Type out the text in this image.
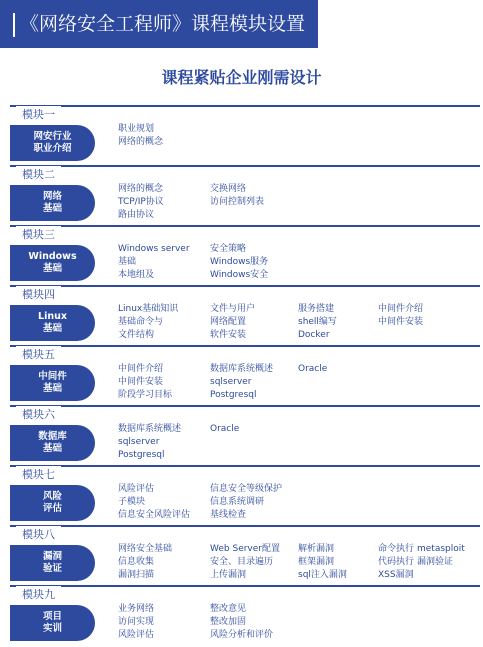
《网络安全工程师》课程模块设置
课程紧贴企业刚需设计
模块一
网安行业
职业介绍
职业规划
网络的概念
模块二
网络
基础
网络的概念
TCP/IP协议
路由协议
交换网络
访问控制列表
模块三
Windows
基础
Windows server
基础
本地组及
安全策略
Windows服务
Windows安全
模块四
Linux
基础
Linux基础知识
基础命令与
文件结构
文件与用户
网络配置
软件安装
服务搭建
shell编写
Docker
中间件介绍
中间件安装
模块五
中间件
基础
中间件介绍
中间件安装
阶段学习目标
数据库系统概述
sqlserver
Postgresql
Oracle
模块六
数据库
基础
数据库系统概述
sqlserver
Postgresql
Oracle
模块七
风险
评估
风险评估
子模块
信息安全风险评估
信息安全等级保护
信息系统调研
基线检查
模块八
漏洞
验证
网络安全基础
信息收集
漏洞扫描
Web Server配置
安全、目录遍历
上传漏洞
解析漏洞
框架漏洞
sql注入漏洞
命令执行
代码执行
XSS漏洞
metasploit
漏洞验证
模块九
项目
实训
业务网络
访问实现
风险评估
整改意见
整改加固
风险分析和评价
